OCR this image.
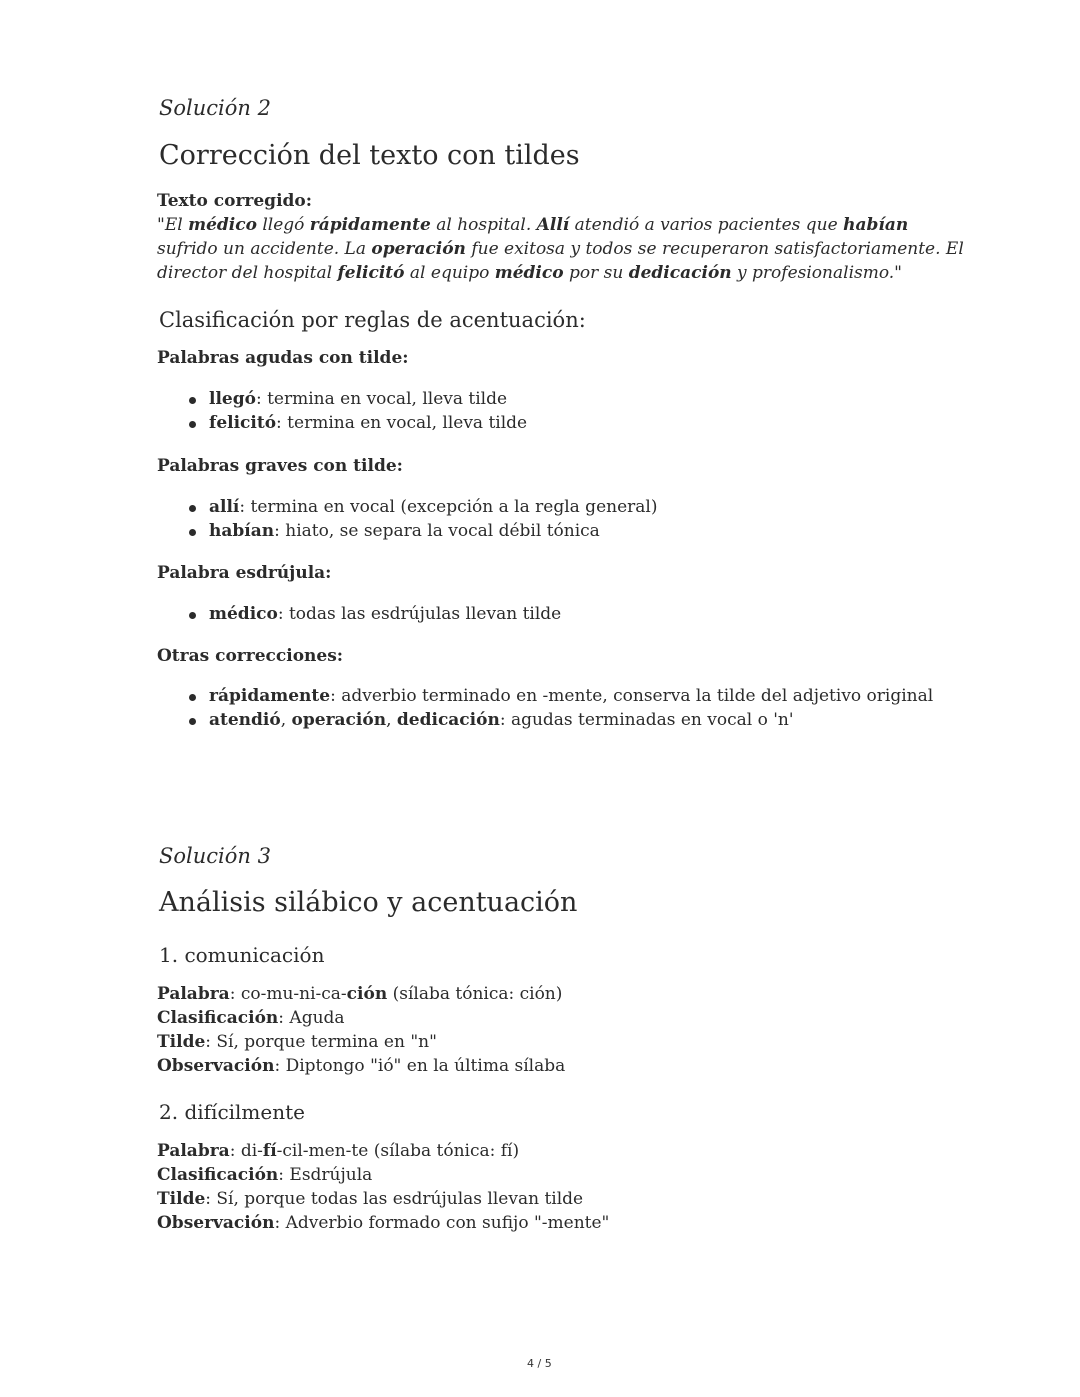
Solución 2
Corrección del texto con tildes
Texto corregido:
"El médico llegó rápidamente al hospital. Allí atendió a varios pacientes que habían
sufrido un accidente. La operación fue exitosa y todos se recuperaron satisfactoriamente. El
director del hospital felicitó al equipo médico por su dedicación y profesionalismo."
Clasificación por reglas de acentuación:
Palabras agudas con tilde:
llegó: termina en vocal, lleva tilde
felicitó: termina en vocal, lleva tilde
Palabras graves con tilde:
allí: termina en vocal (excepción a la regla general)
habían: hiato, se separa la vocal débil tónica
Palabra esdrújula:
médico: todas las esdrújulas llevan tilde
Otras correcciones:
rápidamente: adverbio terminado en -mente, conserva la tilde del adjetivo original
atendió, operación, dedicación: agudas terminadas en vocal o 'n'
Solución 3
Análisis silábico y acentuación
1. comunicación
Palabra: co-mu-ni-ca-ción (sílaba tónica: ción)
Clasificación: Aguda
Tilde: Sí, porque termina en "n"
Observación: Diptongo "ió" en la última sílaba
2. difícilmente
Palabra: di-fí-cil-men-te (sílaba tónica: fí)
Clasificación: Esdrújula
Tilde: Sí, porque todas las esdrújulas llevan tilde
Observación: Adverbio formado con sufijo "-mente"
4 / 5
